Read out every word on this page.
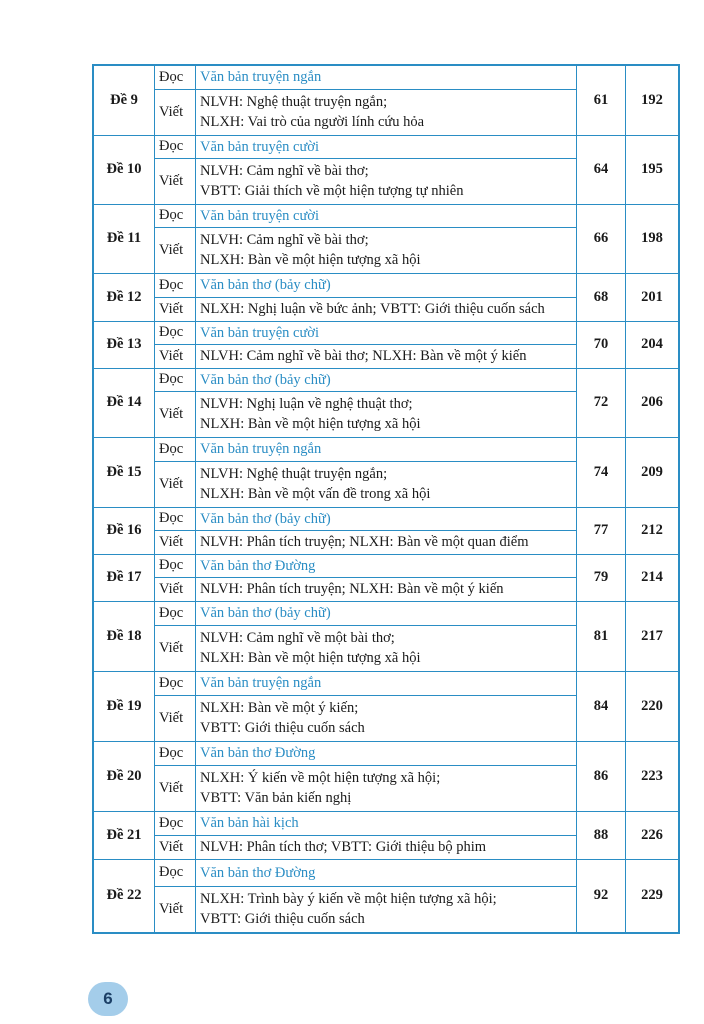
Đề 9	Đọc	Văn bản truyện ngắn	61	192
	Viết	NLVH: Nghệ thuật truyện ngắn;
NLXH: Vai trò của người lính cứu hỏa		

Đề 10	Đọc	Văn bản truyện cười	64	195
	Viết	NLVH: Cảm nghĩ về bài thơ;
VBTT: Giải thích về một hiện tượng tự nhiên		

Đề 11	Đọc	Văn bản truyện cười	66	198
	Viết	NLVH: Cảm nghĩ về bài thơ;
NLXH: Bàn về một hiện tượng xã hội		

Đề 12	Đọc	Văn bản thơ (bảy chữ)	68	201
	Viết	NLXH: Nghị luận về bức ảnh; VBTT: Giới thiệu cuốn sách		

Đề 13	Đọc	Văn bản truyện cười	70	204
	Viết	NLVH: Cảm nghĩ về bài thơ; NLXH: Bàn về một ý kiến		

Đề 14	Đọc	Văn bản thơ (bảy chữ)	72	206
	Viết	NLVH: Nghị luận về nghệ thuật thơ;
NLXH: Bàn về một hiện tượng xã hội		

Đề 15	Đọc	Văn bản truyện ngắn	74	209
	Viết	NLVH: Nghệ thuật truyện ngắn;
NLXH: Bàn về một vấn đề trong xã hội		

Đề 16	Đọc	Văn bản thơ (bảy chữ)	77	212
	Viết	NLVH: Phân tích truyện; NLXH: Bàn về một quan điểm		

Đề 17	Đọc	Văn bản thơ Đường	79	214
	Viết	NLVH: Phân tích truyện; NLXH: Bàn về một ý kiến		

Đề 18	Đọc	Văn bản thơ (bảy chữ)	81	217
	Viết	NLVH: Cảm nghĩ về một bài thơ;
NLXH: Bàn về một hiện tượng xã hội		

Đề 19	Đọc	Văn bản truyện ngắn	84	220
	Viết	NLXH: Bàn về một ý kiến;
VBTT: Giới thiệu cuốn sách		

Đề 20	Đọc	Văn bản thơ Đường	86	223
	Viết	NLXH: Ý kiến về một hiện tượng xã hội;
VBTT: Văn bản kiến nghị		

Đề 21	Đọc	Văn bản hài kịch	88	226
	Viết	NLVH: Phân tích thơ; VBTT: Giới thiệu bộ phim		

Đề 22	Đọc	Văn bản thơ Đường	92	229
	Viết	NLXH: Trình bày ý kiến về một hiện tượng xã hội;
VBTT: Giới thiệu cuốn sách		
6
